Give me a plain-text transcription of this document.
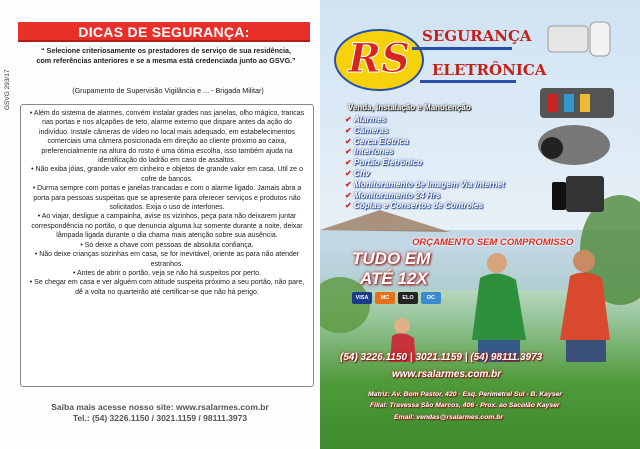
DICAS DE SEGURANÇA:
“ Selecione criteriosamente os prestadores de serviço de sua residência, com referências anteriores e se a mesma está credenciada junto ao GSVG.”
(Grupamento de Supervisão Vigilância e ... - Brigada Militar)
GSVG 293/17

• Além do sistema de alarmes, convém instalar grades nas janelas, olho mágico, trancas nas portas e nos alçapões de teto, alarme externo que dispare antes da ação do indivíduo. Instale câmeras de vídeo no local mais adequado, em estabelecimentos comerciais uma câmera posicionada em direção ao cliente próximo ao caixa, preferencialmente na altura do rosto é uma ótima escolha, isso também ajuda na identificação do ladrão em caso de assaltos.

• Não exiba jóias, grande valor em cinheiro e objetos de grande valor em casa. Util ze o cofre de bancos.

• Durma sempre com portas e janelas trancadas e com o alarme ligado. Jamais abra a porta para pessoas suspeitas que se apresente para oferecer serviços e produtos não solicitados. Exija o uso de interfones.

• Ao viajar, desligue a campainha, avise os vizinhos, peça para não deixarem juntar correspondência no portão, o que denuncia alguma luz somente durante a noite, deixar lâmpada ligada durante o dia chama mais atenção sobre sua ausência.

• Só deixe a chave com pessoas de absoluta confiança.

• Não deixe crianças sozinhas em casa, se for inevitável, oriente as para não atender estranhos.

• Antes de abrir o portão, veja se não há suspeitos por perto.

• Se chegar em casa e ver alguém com atitude suspeita próximo a seu portão, não pare, dê a volta no quarteirão até certificar-se que não há perigo.

Saiba mais acesse nosso site: www.rsalarmes.com.br
Tel.: (54) 3226.1150 / 3021.1159 / 98111.3973
RS SEGURANÇA
ELETRÔNICA
Venda, Instalação e Manutenção
✔ Alarmes
✔ Câmeras
✔ Cerca Elétrica
✔ Interfones
✔ Portão Eletrônico
✔ Cftv
✔ Monitoramento de Imagem Via Internet
✔ Monitoramento 24 Hrs
✔ Cópias e Consertos de Controles
ORÇAMENTO SEM COMPROMISSO
TUDO EM
ATÉ 12X
VISA	MC	ELO	DC
(54) 3226.1150 | 3021.1159 | (54) 98111.3973
www.rsalarmes.com.br
Matriz: Av. Bom Pastor, 420 - Esq. Perimetral Sul - B. Kayser
Filial: Travessa São Marcos, 406 - Prox. ao Sacolão Kayser
Email: vendas@rsalarmes.com.br
